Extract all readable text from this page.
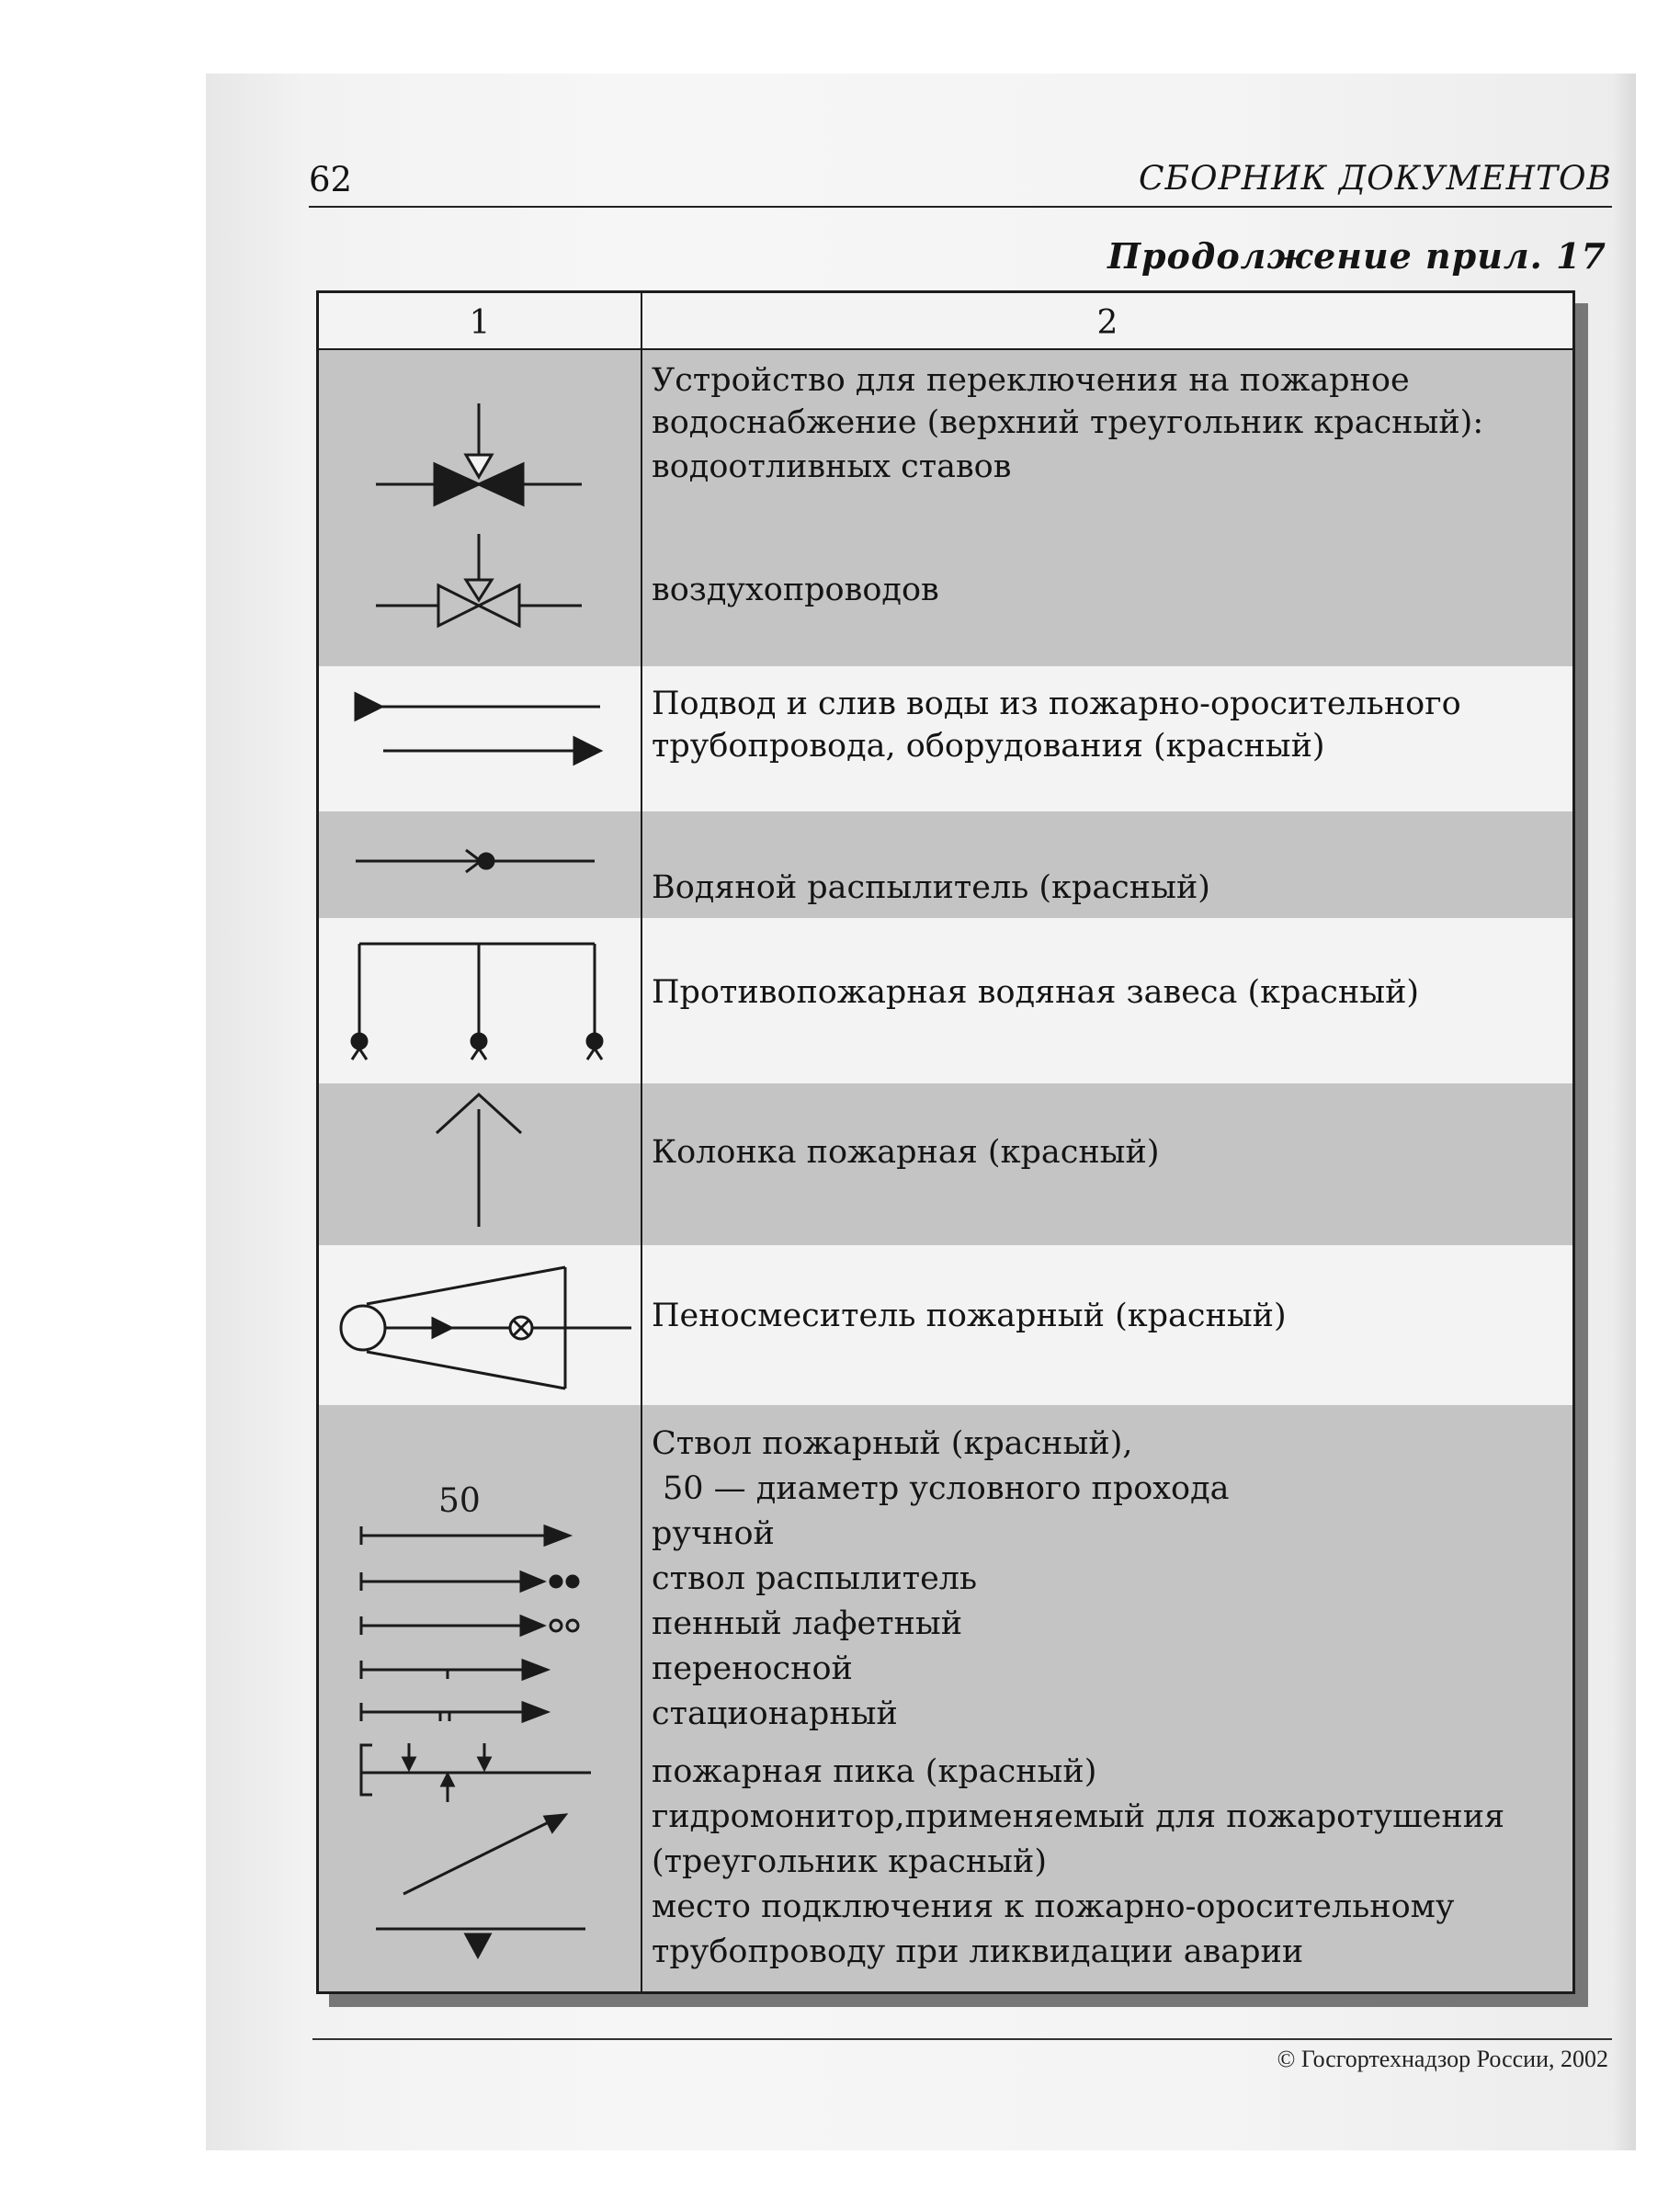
62	СБОРНИК ДОКУМЕНТОВ
Продолжение прил. 17
1	2
50
Устройство для переключения на пожарное
водоснабжение (верхний треугольник красный):
водоотливных ставов
воздухопроводов
Подвод и слив воды из пожарно-оросительного
трубопровода, оборудования (красный)
Водяной распылитель (красный)
Противопожарная водяная завеса (красный)
Колонка пожарная (красный)
Пеносмеситель пожарный (красный)
Ствол пожарный (красный),
50 — диаметр условного прохода
ручной
ствол распылитель
пенный лафетный
переносной
стационарный
пожарная пика (красный)
гидромонитор,применяемый для пожаротушения
(треугольник красный)
место подключения к пожарно-оросительному
трубопроводу при ликвидации аварии
© Госгортехнадзор России, 2002
